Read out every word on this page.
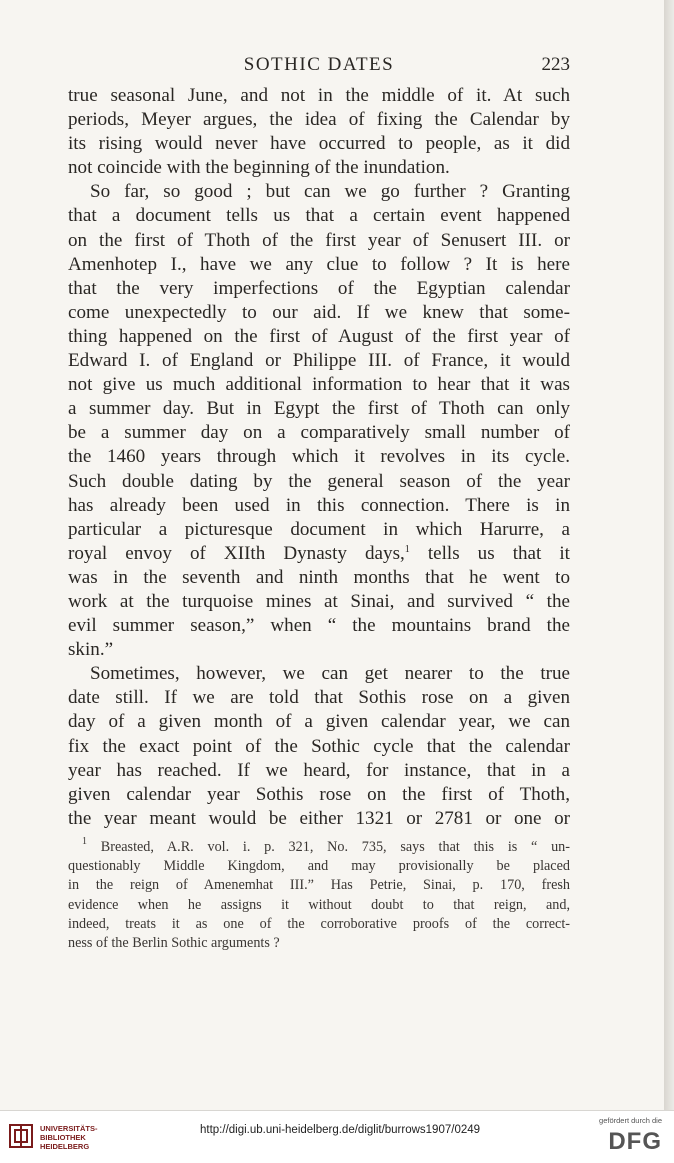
SOTHIC DATES	223
true seasonal June, and not in the middle of it. At such
periods, Meyer argues, the idea of fixing the Calendar by
its rising would never have occurred to people, as it did
not coincide with the beginning of the inundation.
So far, so good ; but can we go further ? Granting
that a document tells us that a certain event happened
on the first of Thoth of the first year of Senusert III. or
Amenhotep I., have we any clue to follow ? It is here
that the very imperfections of the Egyptian calendar
come unexpectedly to our aid. If we knew that some-
thing happened on the first of August of the first year of
Edward I. of England or Philippe III. of France, it would
not give us much additional information to hear that it was
a summer day. But in Egypt the first of Thoth can only
be a summer day on a comparatively small number of
the 1460 years through which it revolves in its cycle.
Such double dating by the general season of the year
has already been used in this connection. There is in
particular a picturesque document in which Harurre, a
royal envoy of XIIth Dynasty days,$^1$ tells us that it
was in the seventh and ninth months that he went to
work at the turquoise mines at Sinai, and survived “ the
evil summer season,” when “ the mountains brand the
skin.”
Sometimes, however, we can get nearer to the true
date still. If we are told that Sothis rose on a given
day of a given month of a given calendar year, we can
fix the exact point of the Sothic cycle that the calendar
year has reached. If we heard, for instance, that in a
given calendar year Sothis rose on the first of Thoth,
the year meant would be either 1321 or 2781 or one or
$^1$ Breasted, A.R. vol. i. p. 321, No. 735, says that this is “ un-
questionably Middle Kingdom, and may provisionally be placed
in the reign of Amenemhat III.” Has Petrie, Sinai, p. 170, fresh
evidence when he assigns it without doubt to that reign, and,
indeed, treats it as one of the corroborative proofs of the correct-
ness of the Berlin Sothic arguments ?
UNIVERSITÄTS-
BIBLIOTHEK
HEIDELBERG
http://digi.ub.uni-heidelberg.de/diglit/burrows1907/0249
gefördert durch die
DFG
